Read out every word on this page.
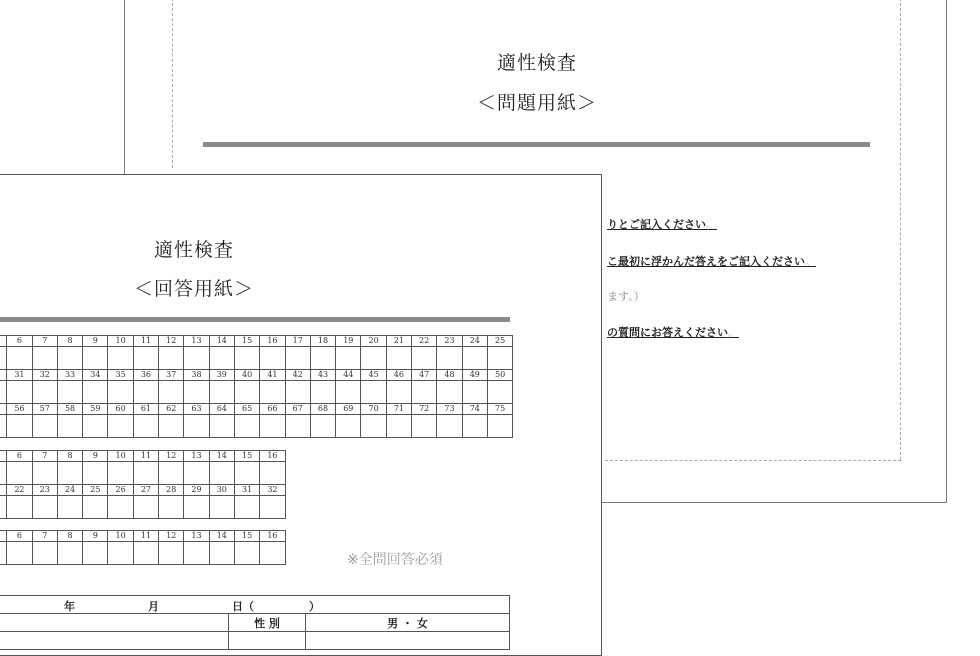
適性検査
＜問題用紙＞
りとご記入ください。
こ最初に浮かんだ答えをご記入ください。
ます。）
の質問にお答えください。
適性検査
＜回答用紙＞
	6	7	8	9	10	11	12	13	14	15	16	17	18	19	20	21	22	23	24	25

	31	32	33	34	35	36	37	38	39	40	41	42	43	44	45	46	47	48	49	50

	56	57	58	59	60	61	62	63	64	65	66	67	68	69	70	71	72	73	74	75

	6	7	8	9	10	11	12	13	14	15	16

	22	23	24	25	26	27	28	29	30	31	32

	6	7	8	9	10	11	12	13	14	15	16

※全問回答必須
年 月 日（ ）		

	性 別	男 ・ 女
